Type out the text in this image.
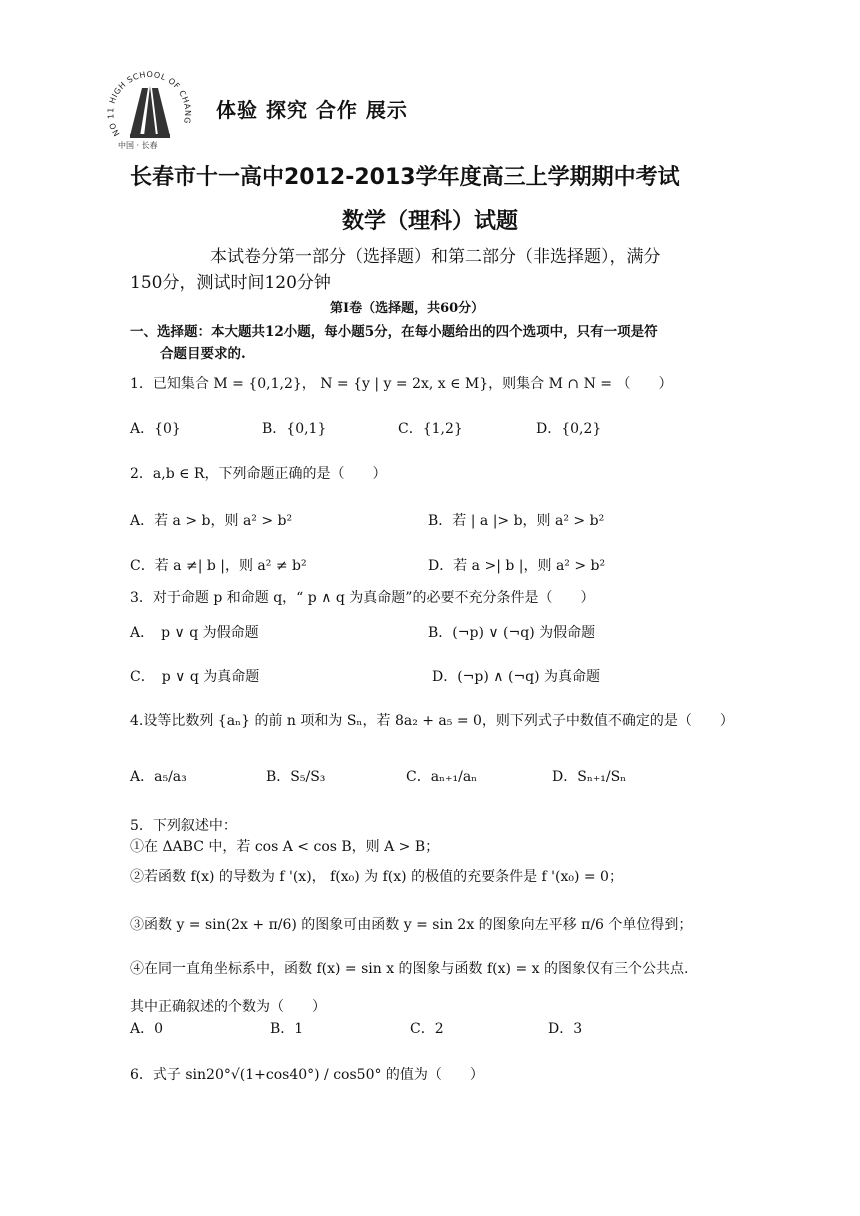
NO 11 HIGH SCHOOL OF CHANG
中国 · 长春
体验 探究 合作 展示
长春市十一高中2012-2013学年度高三上学期期中考试
数学（理科）试题
本试卷分第一部分（选择题）和第二部分（非选择题），满分
150分，测试时间120分钟
第Ⅰ卷（选择题，共60分）
一、选择题：本大题共12小题，每小题5分，在每小题给出的四个选项中，只有一项是符
合题目要求的.
1．已知集合 M = {0,1,2}， N = {y | y = 2x, x ∈ M}，则集合 M ∩ N = （　　）
A．{0}	B．{0,1}	C．{1,2}	D．{0,2}
2．a,b ∈ R，下列命题正确的是（　　）
A．若 a > b，则 a² > b²	B．若 | a |> b，则 a² > b²
C．若 a ≠| b |，则 a² ≠ b²	D．若 a >| b |，则 a² > b²
3．对于命题 p 和命题 q，“ p ∧ q 为真命题”的必要不充分条件是（　　）
A．　p ∨ q 为假命题	B．(¬p) ∨ (¬q) 为假命题
C．　p ∨ q 为真命题	D．(¬p) ∧ (¬q) 为真命题
4.设等比数列 {aₙ} 的前 n 项和为 Sₙ，若 8a₂ + a₅ = 0，则下列式子中数值不确定的是（　　）
A．a₅/a₃	B．S₅/S₃	C．aₙ₊₁/aₙ	D．Sₙ₊₁/Sₙ
5．下列叙述中：
①在 ΔABC 中，若 cos A < cos B，则 A > B；
②若函数 f(x) 的导数为 f '(x)， f(x₀) 为 f(x) 的极值的充要条件是 f '(x₀) = 0；
③函数 y = sin(2x + π/6) 的图象可由函数 y = sin 2x 的图象向左平移 π/6 个单位得到；
④在同一直角坐标系中，函数 f(x) = sin x 的图象与函数 f(x) = x 的图象仅有三个公共点.
其中正确叙述的个数为（　　）
A．0	B．1	C．2	D．3
6．式子 sin20°√(1+cos40°) / cos50° 的值为（　　）
